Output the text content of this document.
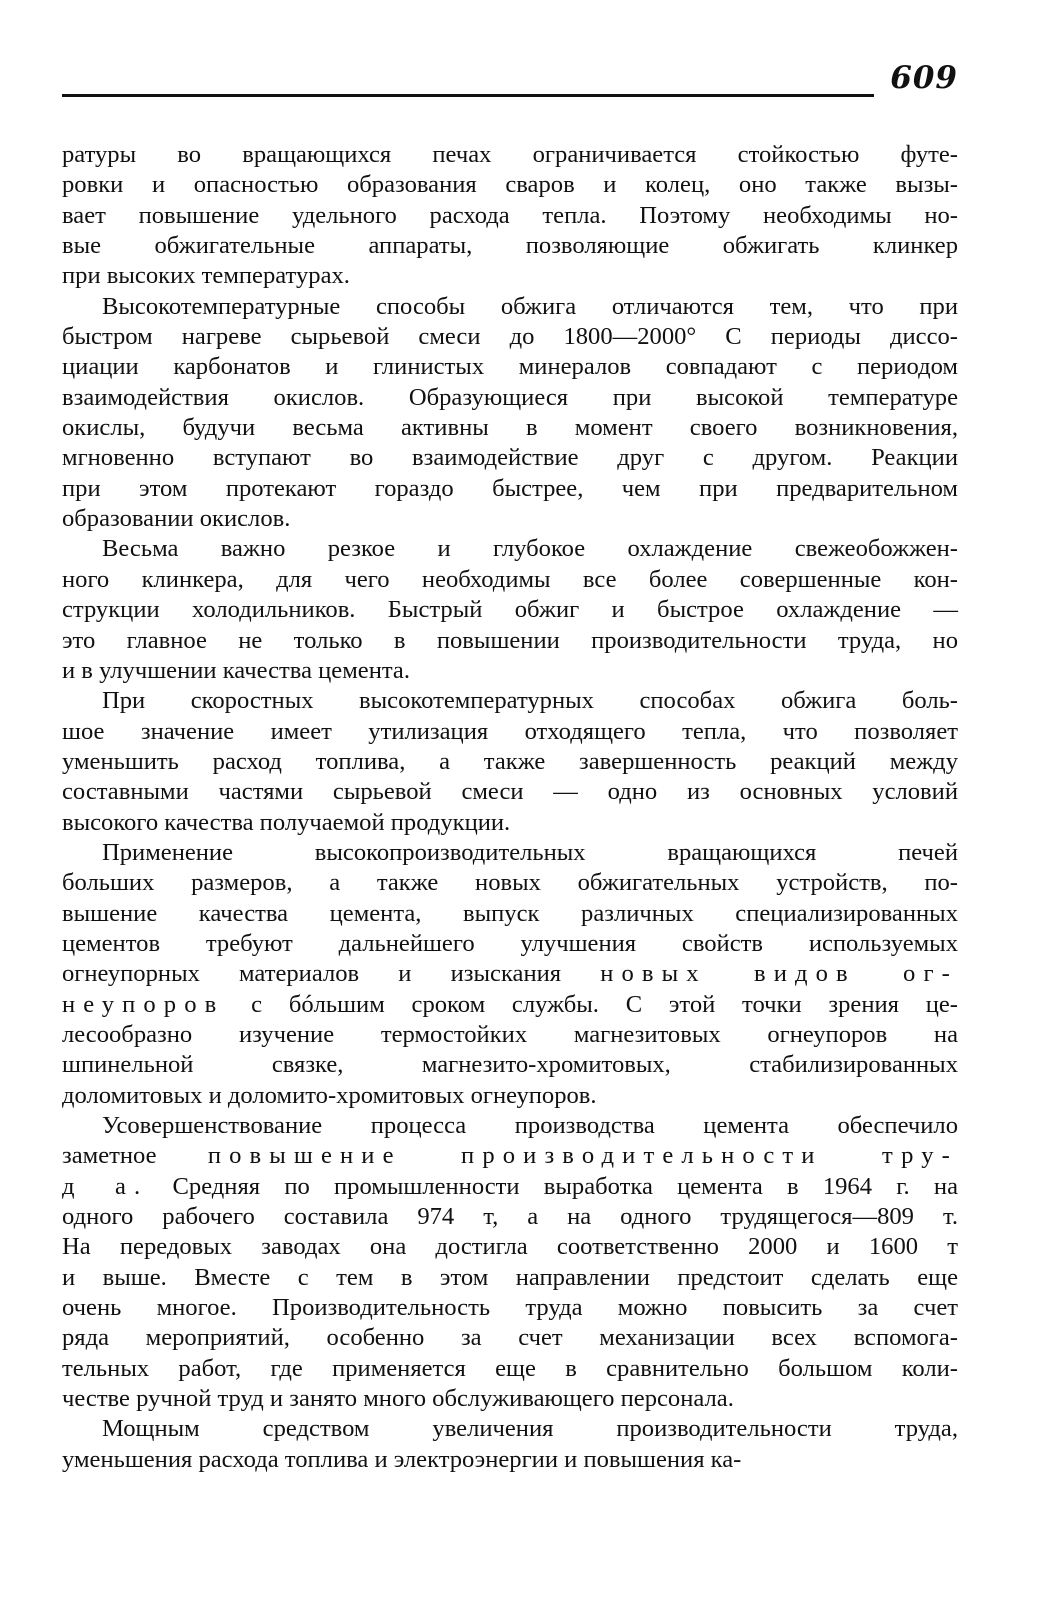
609
ратуры во вращающихся печах ограничивается стойкостью футе-
ровки и опасностью образования сваров и колец, оно также вызы-
вает повышение удельного расхода тепла. Поэтому необходимы но-
вые обжигательные аппараты, позволяющие обжигать клинкер
при высоких температурах.
Высокотемпературные способы обжига отличаются тем, что при
быстром нагреве сырьевой смеси до 1800—2000° С периоды диссо-
циации карбонатов и глинистых минералов совпадают с периодом
взаимодействия окислов. Образующиеся при высокой температуре
окислы, будучи весьма активны в момент своего возникновения,
мгновенно вступают во взаимодействие друг с другом. Реакции
при этом протекают гораздо быстрее, чем при предварительном
образовании окислов.
Весьма важно резкое и глубокое охлаждение свежеобожжен-
ного клинкера, для чего необходимы все более совершенные кон-
струкции холодильников. Быстрый обжиг и быстрое охлаждение —
это главное не только в повышении производительности труда, но
и в улучшении качества цемента.
При скоростных высокотемпературных способах обжига боль-
шое значение имеет утилизация отходящего тепла, что позволяет
уменьшить расход топлива, а также завершенность реакций между
составными частями сырьевой смеси — одно из основных условий
высокого качества получаемой продукции.
Применение высокопроизводительных вращающихся печей
больших размеров, а также новых обжигательных устройств, по-
вышение качества цемента, выпуск различных специализированных
цементов требуют дальнейшего улучшения свойств используемых
огнеупорных материалов и изыскания новых видов ог-
неупоров с бóльшим сроком службы. С этой точки зрения це-
лесообразно изучение термостойких магнезитовых огнеупоров на
шпинельной связке, магнезито-хромитовых, стабилизированных
доломитовых и доломито-хромитовых огнеупоров.
Усовершенствование процесса производства цемента обеспечило
заметное повышение производительности тру-
д а. Средняя по промышленности выработка цемента в 1964 г. на
одного рабочего составила 974 т, а на одного трудящегося—809 т.
На передовых заводах она достигла соответственно 2000 и 1600 т
и выше. Вместе с тем в этом направлении предстоит сделать еще
очень многое. Производительность труда можно повысить за счет
ряда мероприятий, особенно за счет механизации всех вспомога-
тельных работ, где применяется еще в сравнительно большом коли-
честве ручной труд и занято много обслуживающего персонала.
Мощным средством увеличения производительности труда,
уменьшения расхода топлива и электроэнергии и повышения ка-
